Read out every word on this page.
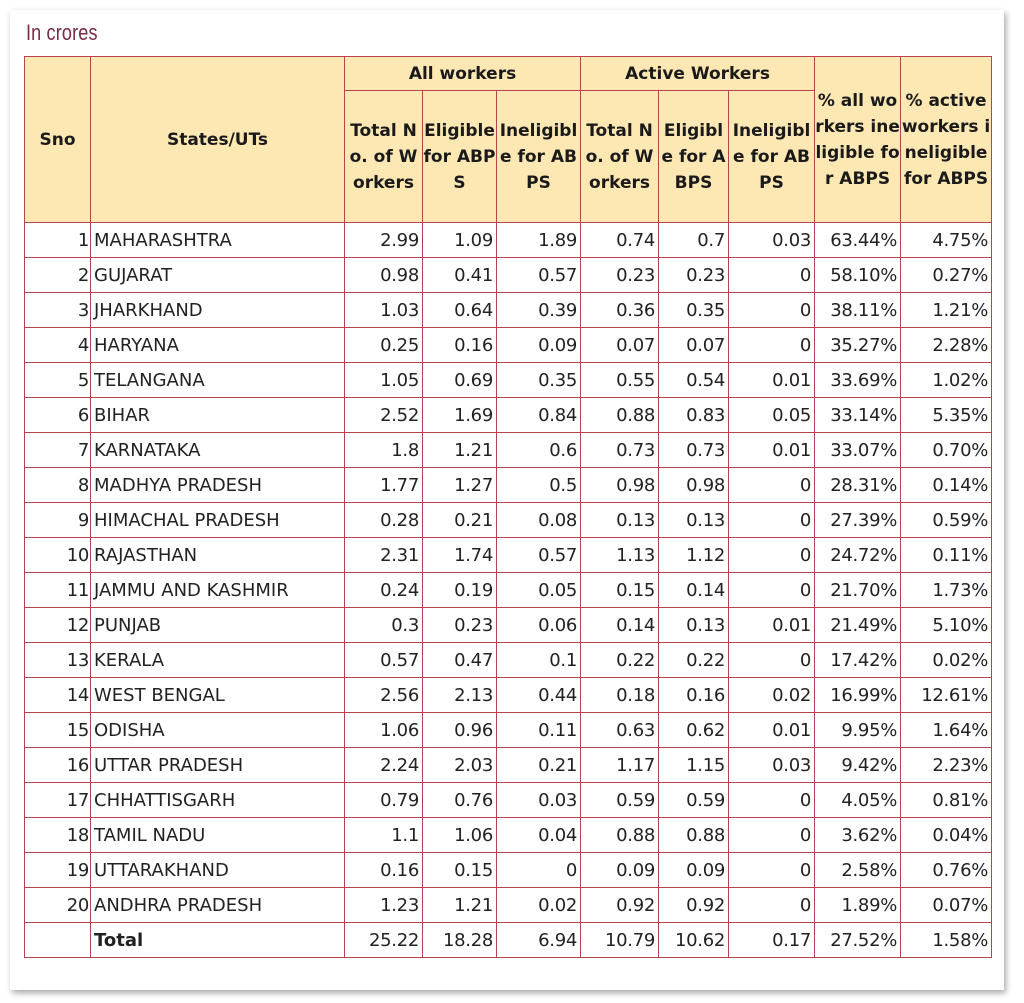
In crores
Sno	States/UTs	All workers			Active Workers			% all workers ineligible for ABPS	% active workers ineligible for ABPS
		Total No. of Workers	Eligible for ABPS	Ineligible for ABPS	Total No. of Workers	Eligible for ABPS	Ineligible for ABPS		
1	MAHARASHTRA	2.99	1.09	1.89	0.74	0.7	0.03	63.44%	4.75%
2	GUJARAT	0.98	0.41	0.57	0.23	0.23	0	58.10%	0.27%
3	JHARKHAND	1.03	0.64	0.39	0.36	0.35	0	38.11%	1.21%
4	HARYANA	0.25	0.16	0.09	0.07	0.07	0	35.27%	2.28%
5	TELANGANA	1.05	0.69	0.35	0.55	0.54	0.01	33.69%	1.02%
6	BIHAR	2.52	1.69	0.84	0.88	0.83	0.05	33.14%	5.35%
7	KARNATAKA	1.8	1.21	0.6	0.73	0.73	0.01	33.07%	0.70%
8	MADHYA PRADESH	1.77	1.27	0.5	0.98	0.98	0	28.31%	0.14%
9	HIMACHAL PRADESH	0.28	0.21	0.08	0.13	0.13	0	27.39%	0.59%
10	RAJASTHAN	2.31	1.74	0.57	1.13	1.12	0	24.72%	0.11%
11	JAMMU AND KASHMIR	0.24	0.19	0.05	0.15	0.14	0	21.70%	1.73%
12	PUNJAB	0.3	0.23	0.06	0.14	0.13	0.01	21.49%	5.10%
13	KERALA	0.57	0.47	0.1	0.22	0.22	0	17.42%	0.02%
14	WEST BENGAL	2.56	2.13	0.44	0.18	0.16	0.02	16.99%	12.61%
15	ODISHA	1.06	0.96	0.11	0.63	0.62	0.01	9.95%	1.64%
16	UTTAR PRADESH	2.24	2.03	0.21	1.17	1.15	0.03	9.42%	2.23%
17	CHHATTISGARH	0.79	0.76	0.03	0.59	0.59	0	4.05%	0.81%
18	TAMIL NADU	1.1	1.06	0.04	0.88	0.88	0	3.62%	0.04%
19	UTTARAKHAND	0.16	0.15	0	0.09	0.09	0	2.58%	0.76%
20	ANDHRA PRADESH	1.23	1.21	0.02	0.92	0.92	0	1.89%	0.07%
	Total	25.22	18.28	6.94	10.79	10.62	0.17	27.52%	1.58%
